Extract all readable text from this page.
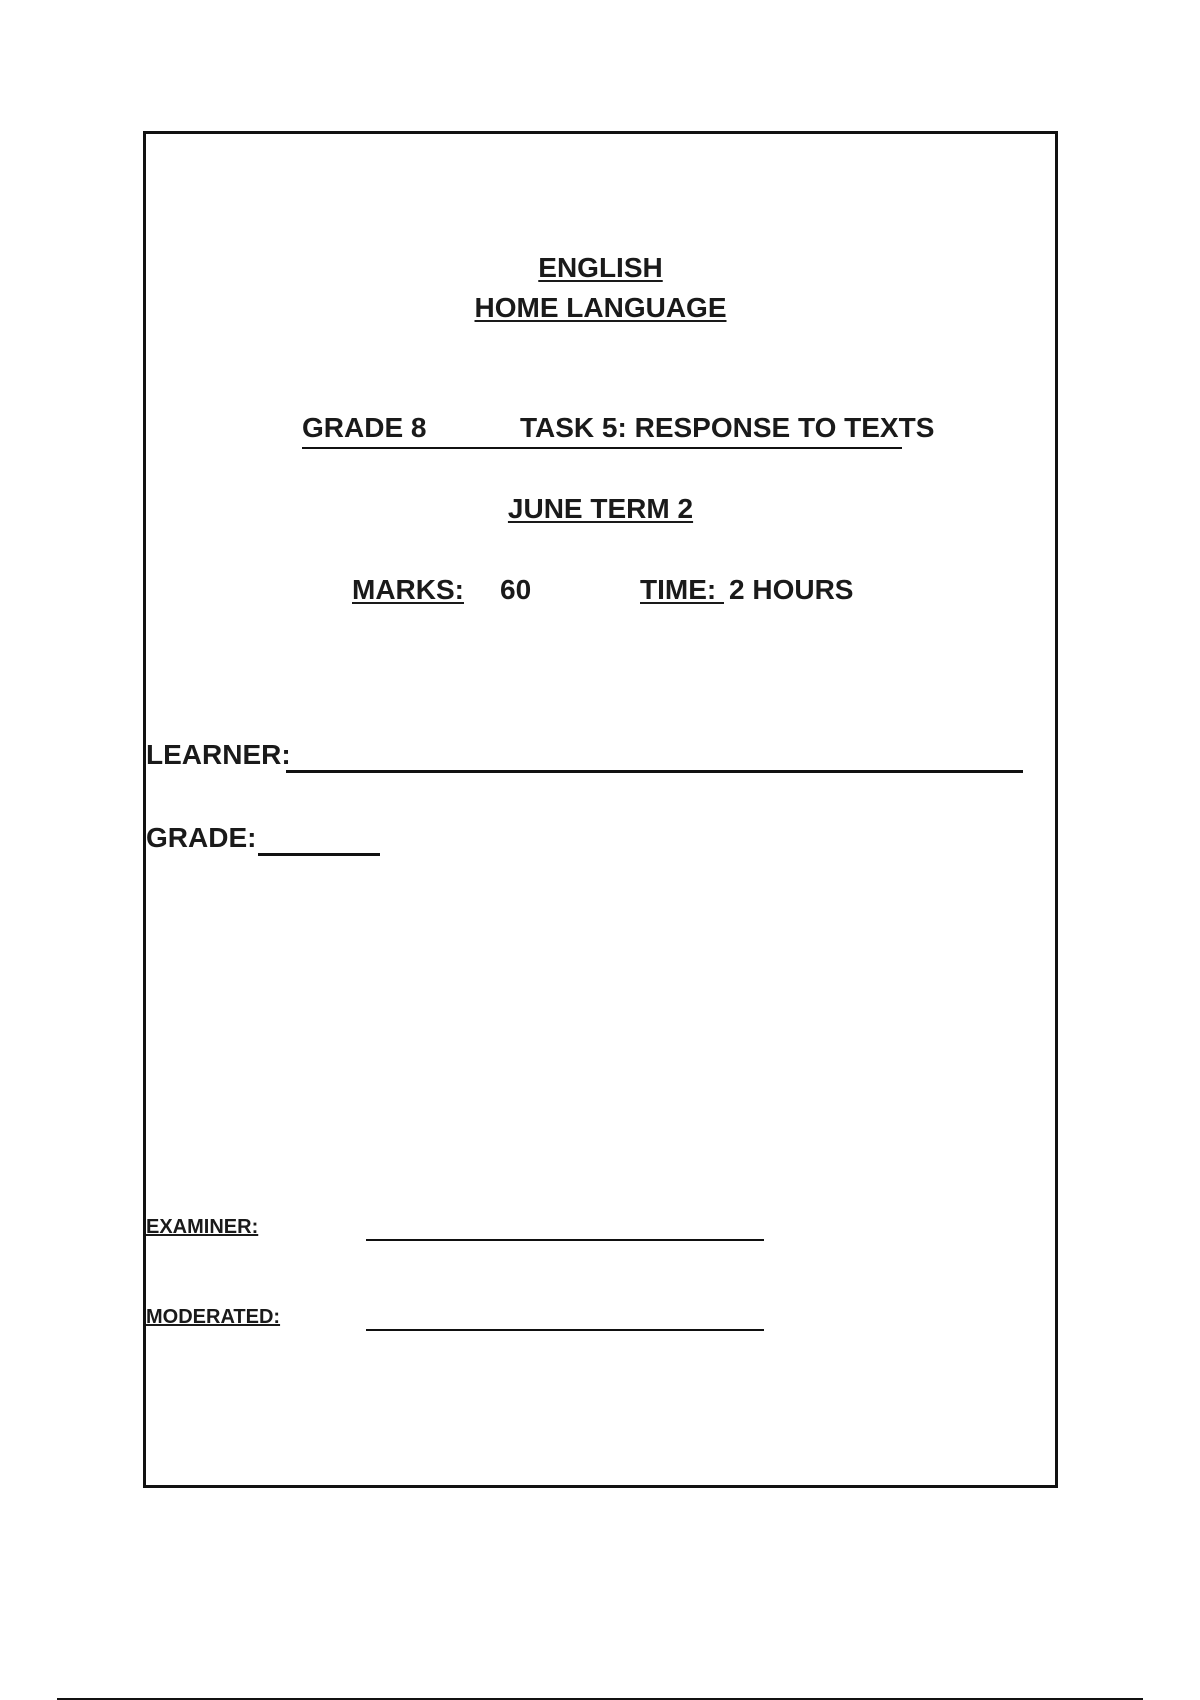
ENGLISH
HOME LANGUAGE
GRADE 8	TASK 5: RESPONSE TO TEXTS
JUNE TERM 2
MARKS: 60	TIME: 2 HOURS
LEARNER:
GRADE:
EXAMINER:
MODERATED:
